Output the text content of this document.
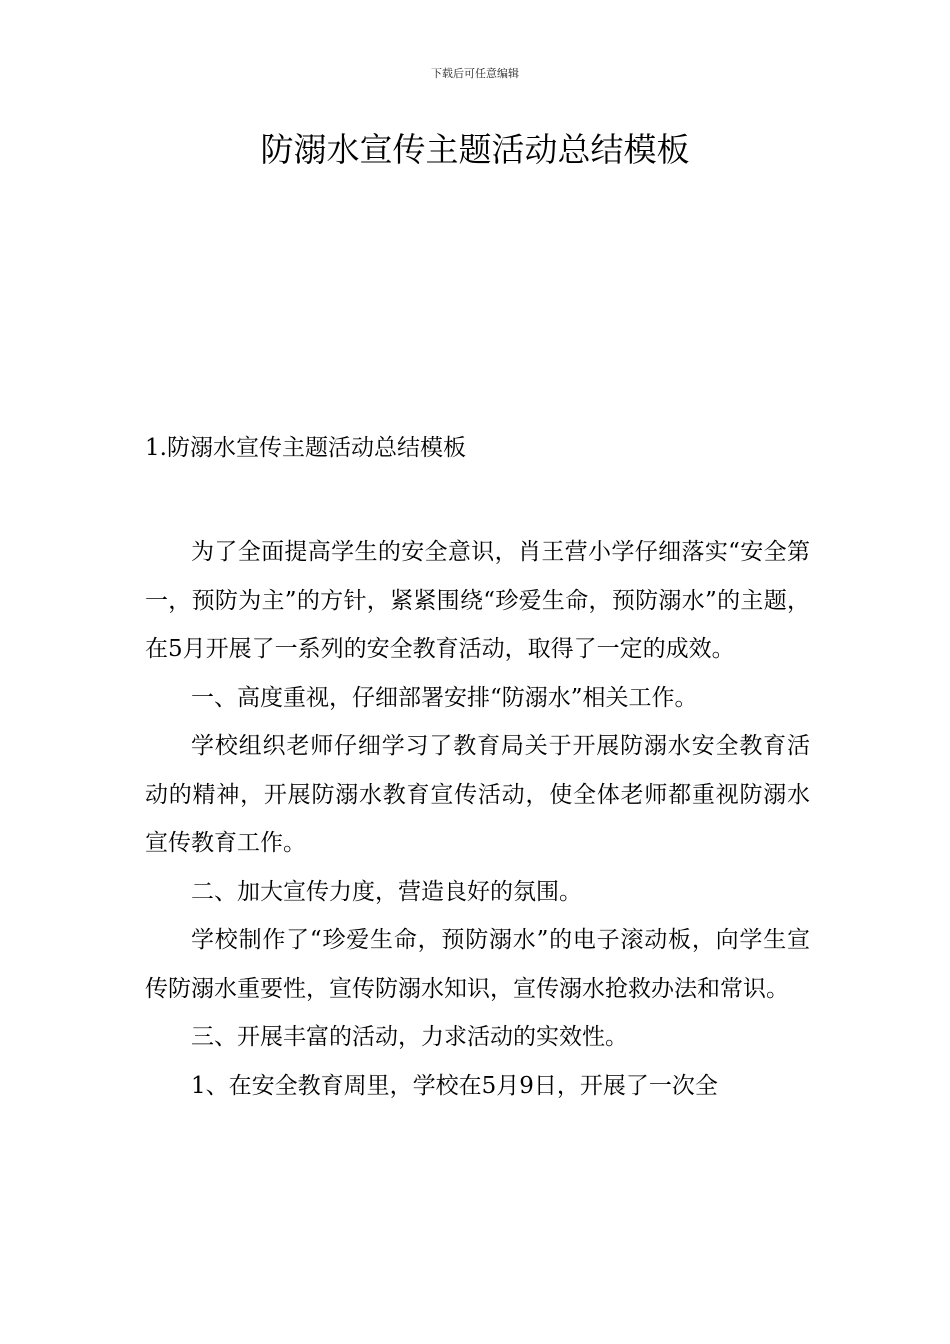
下载后可任意编辑
防溺水宣传主题活动总结模板
1.防溺水宣传主题活动总结模板

为了全面提高学生的安全意识，肖王营小学仔细落实“安全第一，预防为主”的方针，紧紧围绕“珍爱生命，预防溺水”的主题，在5月开展了一系列的安全教育活动，取得了一定的成效。

一、高度重视，仔细部署安排“防溺水”相关工作。

学校组织老师仔细学习了教育局关于开展防溺水安全教育活动的精神，开展防溺水教育宣传活动，使全体老师都重视防溺水宣传教育工作。

二、加大宣传力度，营造良好的氛围。

学校制作了“珍爱生命，预防溺水”的电子滚动板，向学生宣传防溺水重要性，宣传防溺水知识，宣传溺水抢救办法和常识。

三、开展丰富的活动，力求活动的实效性。

1、在安全教育周里，学校在5月9日，开展了一次全
